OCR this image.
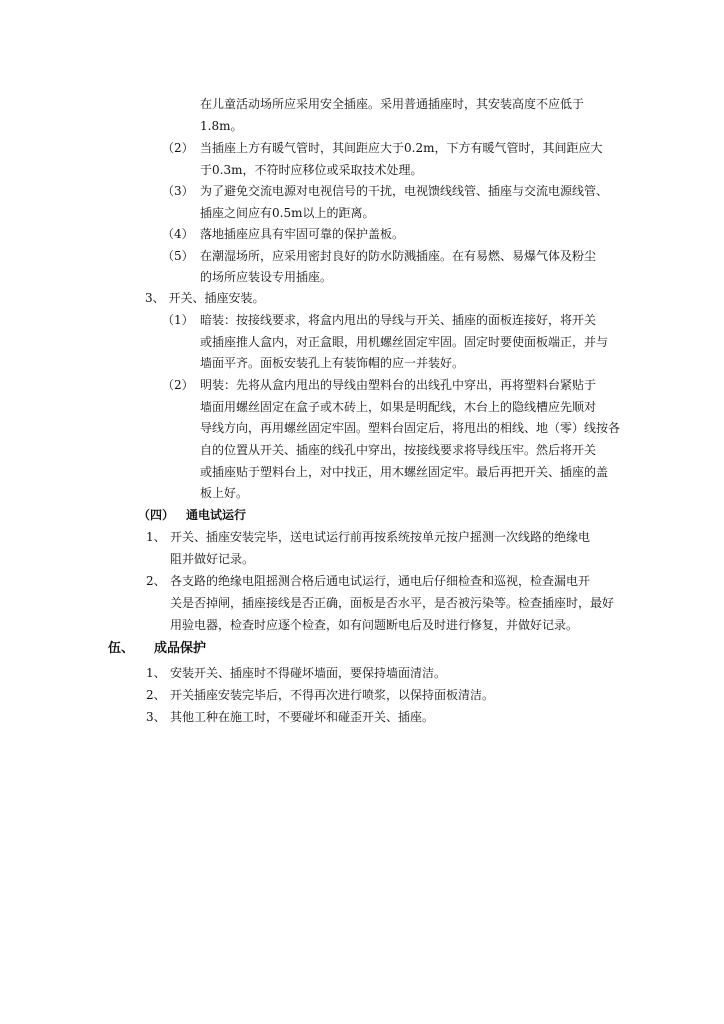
在儿童活动场所应采用安全插座。采用普通插座时，其安装高度不应低于
1.8m。
（2） 当插座上方有暖气管时，其间距应大于0.2m，下方有暖气管时，其间距应大
于0.3m，不符时应移位或采取技术处理。
（3） 为了避免交流电源对电视信号的干扰，电视馈线线管、插座与交流电源线管、
插座之间应有0.5m以上的距离。
（4） 落地插座应具有牢固可靠的保护盖板。
（5） 在潮湿场所，应采用密封良好的防水防溅插座。在有易燃、易爆气体及粉尘
的场所应装设专用插座。
3、 开关、插座安装。
（1） 暗装：按接线要求，将盒内甩出的导线与开关、插座的面板连接好，将开关
或插座推人盒内，对正盒眼，用机螺丝固定牢固。固定时要使面板端正，并与
墙面平齐。面板安装孔上有装饰帽的应一并装好。
（2） 明装：先将从盒内甩出的导线由塑料台的出线孔中穿出，再将塑料台紧贴于
墙面用螺丝固定在盒子或木砖上，如果是明配线，木台上的隐线槽应先顺对
导线方向，再用螺丝固定牢固。塑料台固定后，将甩出的相线、地（零）线按各
自的位置从开关、插座的线孔中穿出，按接线要求将导线压牢。然后将开关
或插座贴于塑料台上，对中找正，用木螺丝固定牢。最后再把开关、插座的盖
板上好。
（四） 通电试运行
1、 开关、插座安装完毕，送电试运行前再按系统按单元按户摇测一次线路的绝缘电
阻并做好记录。
2、 各支路的绝缘电阻摇测合格后通电试运行，通电后仔细检查和巡视，检查漏电开
关是否掉闸，插座接线是否正确，面板是否水平，是否被污染等。检查插座时，最好
用验电器，检查时应逐个检查，如有问题断电后及时进行修复，并做好记录。
伍、 成品保护
1、 安装开关、插座时不得碰坏墙面，要保持墙面清洁。
2、 开关插座安装完毕后，不得再次进行喷浆，以保持面板清洁。
3、 其他工种在施工时，不要碰坏和碰歪开关、插座。
